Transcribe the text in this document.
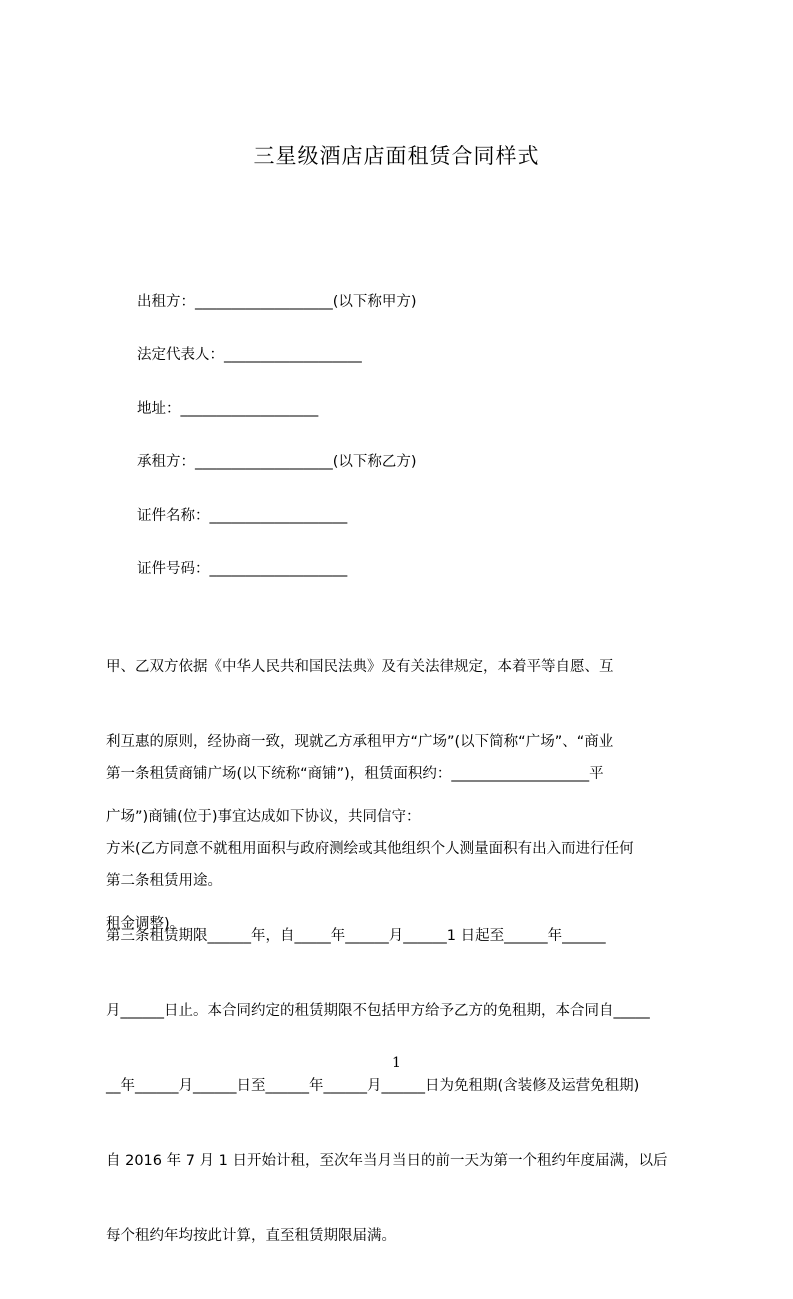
三星级酒店店面租赁合同样式
出租方：___________________(以下称甲方)
法定代表人：___________________
地址：___________________
承租方：___________________(以下称乙方)
证件名称：___________________
证件号码：___________________

甲、乙双方依据《中华人民共和国民法典》及有关法律规定，本着平等自愿、互

利互惠的原则，经协商一致，现就乙方承租甲方“广场”(以下简称“广场”、“商业

广场”)商铺(位于)事宜达成如下协议，共同信守：

第一条租赁商铺广场(以下统称“商铺”)，租赁面积约：___________________平

方米(乙方同意不就租用面积与政府测绘或其他组织个人测量面积有出入而进行任何

租金调整)。

第二条租赁用途。

第三条租赁期限______年，自_____年______月______1 日起至______年______

月______日止。本合同约定的租赁期限不包括甲方给予乙方的免租期，本合同自_____

__年______月______日至______年______月______日为免租期(含装修及运营免租期)

自 2016 年 7 月 1 日开始计租，至次年当月当日的前一天为第一个租约年度届满，以后

每个租约年均按此计算，直至租赁期限届满。

1
